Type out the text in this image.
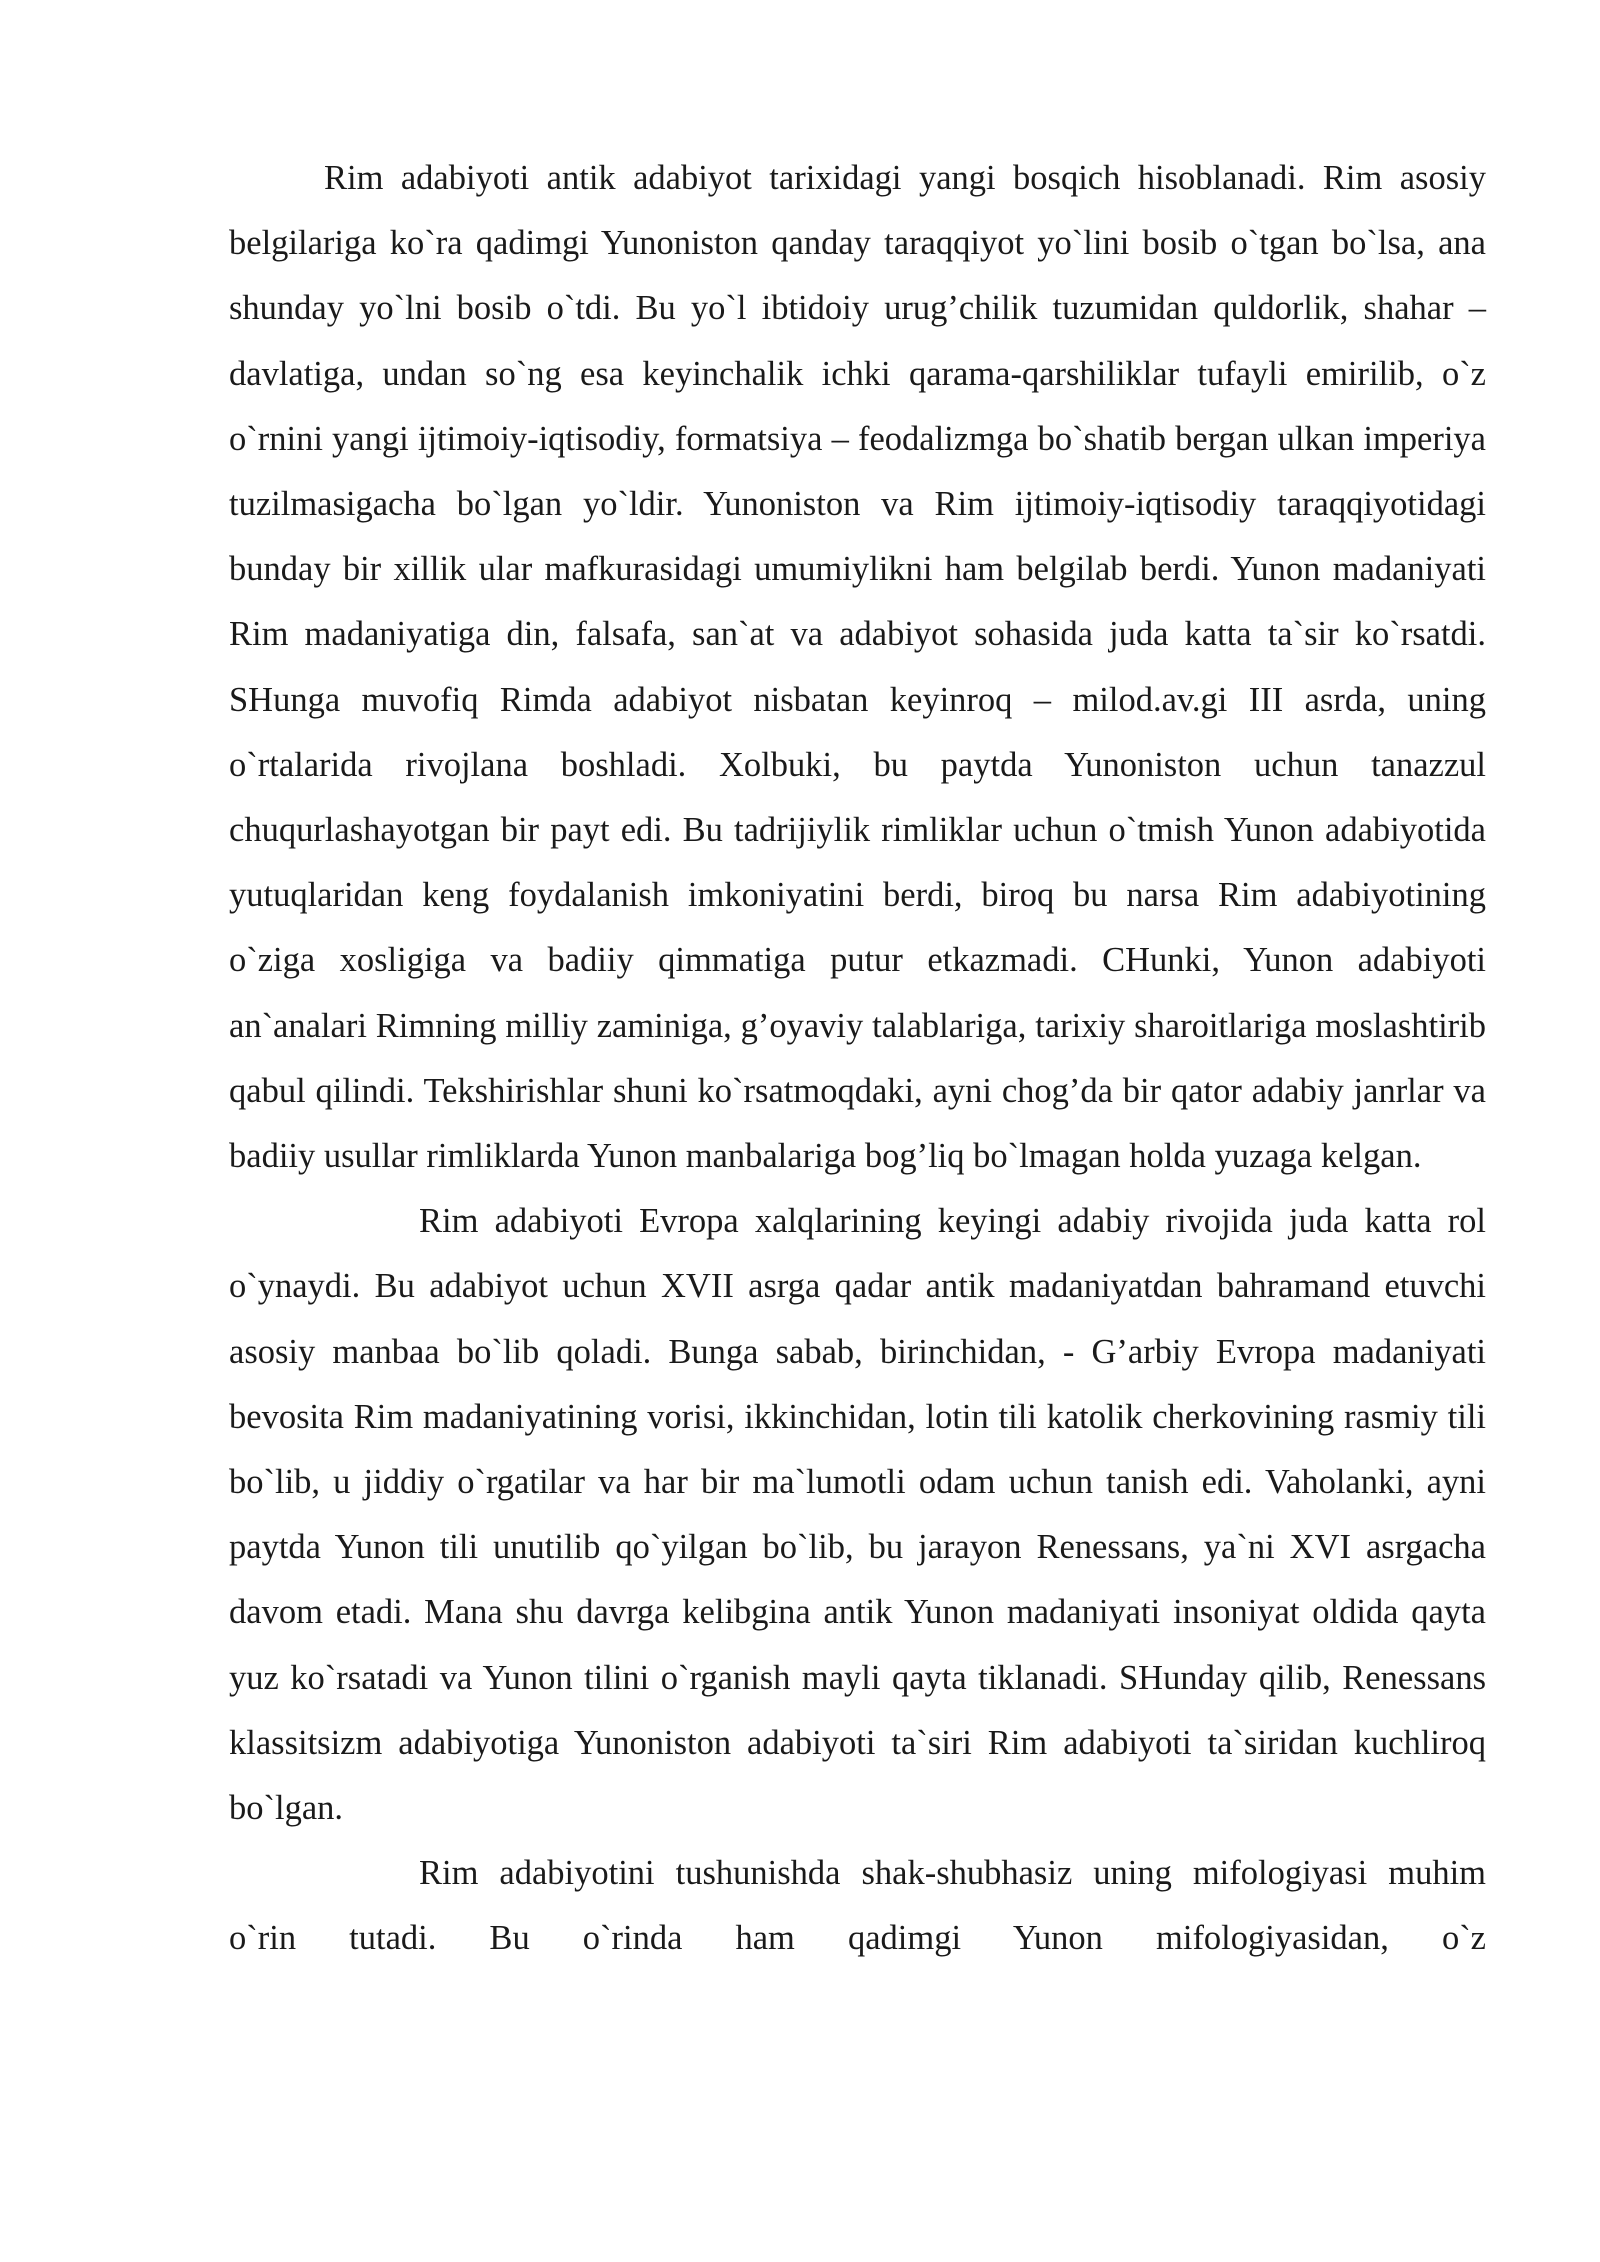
Rim adabiyoti antik adabiyot tarixidagi yangi bosqich hisoblanadi. Rim asosiy belgilariga ko`ra qadimgi Yunoniston qanday taraqqiyot yo`lini bosib o`tgan bo`lsa, ana shunday yo`lni bosib o`tdi. Bu yo`l ibtidoiy urug’chilik tuzumidan quldorlik, shahar – davlatiga, undan so`ng esa keyinchalik ichki qarama-qarshiliklar tufayli emirilib, o`z o`rnini yangi ijtimoiy-iqtisodiy, formatsiya – feodalizmga bo`shatib bergan ulkan imperiya tuzilmasigacha bo`lgan yo`ldir. Yunoniston va Rim ijtimoiy-iqtisodiy taraqqiyotidagi bunday bir xillik ular mafkurasidagi umumiylikni ham belgilab berdi. Yunon madaniyati Rim madaniyatiga din, falsafa, san`at va adabiyot sohasida juda katta ta`sir ko`rsatdi. SHunga muvofiq Rimda adabiyot nisbatan keyinroq – milod.av.gi III asrda, uning o`rtalarida rivojlana boshladi. Xolbuki, bu paytda Yunoniston uchun tanazzul chuqurlashayotgan bir payt edi. Bu tadrijiylik rimliklar uchun o`tmish Yunon adabiyotida yutuqlaridan keng foydalanish imkoniyatini berdi, biroq bu narsa Rim adabiyotining o`ziga xosligiga va badiiy qimmatiga putur etkazmadi. CHunki, Yunon adabiyoti an`analari Rimning milliy zaminiga, g’oyaviy talablariga, tarixiy sharoitlariga moslashtirib qabul qilindi. Tekshirishlar shuni ko`rsatmoqdaki, ayni chog’da bir qator adabiy janrlar va badiiy usullar rimliklarda Yunon manbalariga bog’liq bo`lmagan holda yuzaga kelgan.

Rim adabiyoti Evropa xalqlarining keyingi adabiy rivojida juda katta rol o`ynaydi. Bu adabiyot uchun XVII asrga qadar antik madaniyatdan bahramand etuvchi asosiy manbaa bo`lib qoladi. Bunga sabab, birinchidan, - G’arbiy Evropa madaniyati bevosita Rim madaniyatining vorisi, ikkinchidan, lotin tili katolik cherkovining rasmiy tili bo`lib, u jiddiy o`rgatilar va har bir ma`lumotli odam uchun tanish edi. Vaholanki, ayni paytda Yunon tili unutilib qo`yilgan bo`lib, bu jarayon Renessans, ya`ni XVI asrgacha davom etadi. Mana shu davrga kelibgina antik Yunon madaniyati insoniyat oldida qayta yuz ko`rsatadi va Yunon tilini o`rganish mayli qayta tiklanadi. SHunday qilib, Renessans klassitsizm adabiyotiga Yunoniston adabiyoti ta`siri Rim adabiyoti ta`siridan kuchliroq bo`lgan.

Rim adabiyotini tushunishda shak-shubhasiz uning mifologiyasi muhim o`rin tutadi. Bu o`rinda ham qadimgi Yunon mifologiyasidan, o`z
